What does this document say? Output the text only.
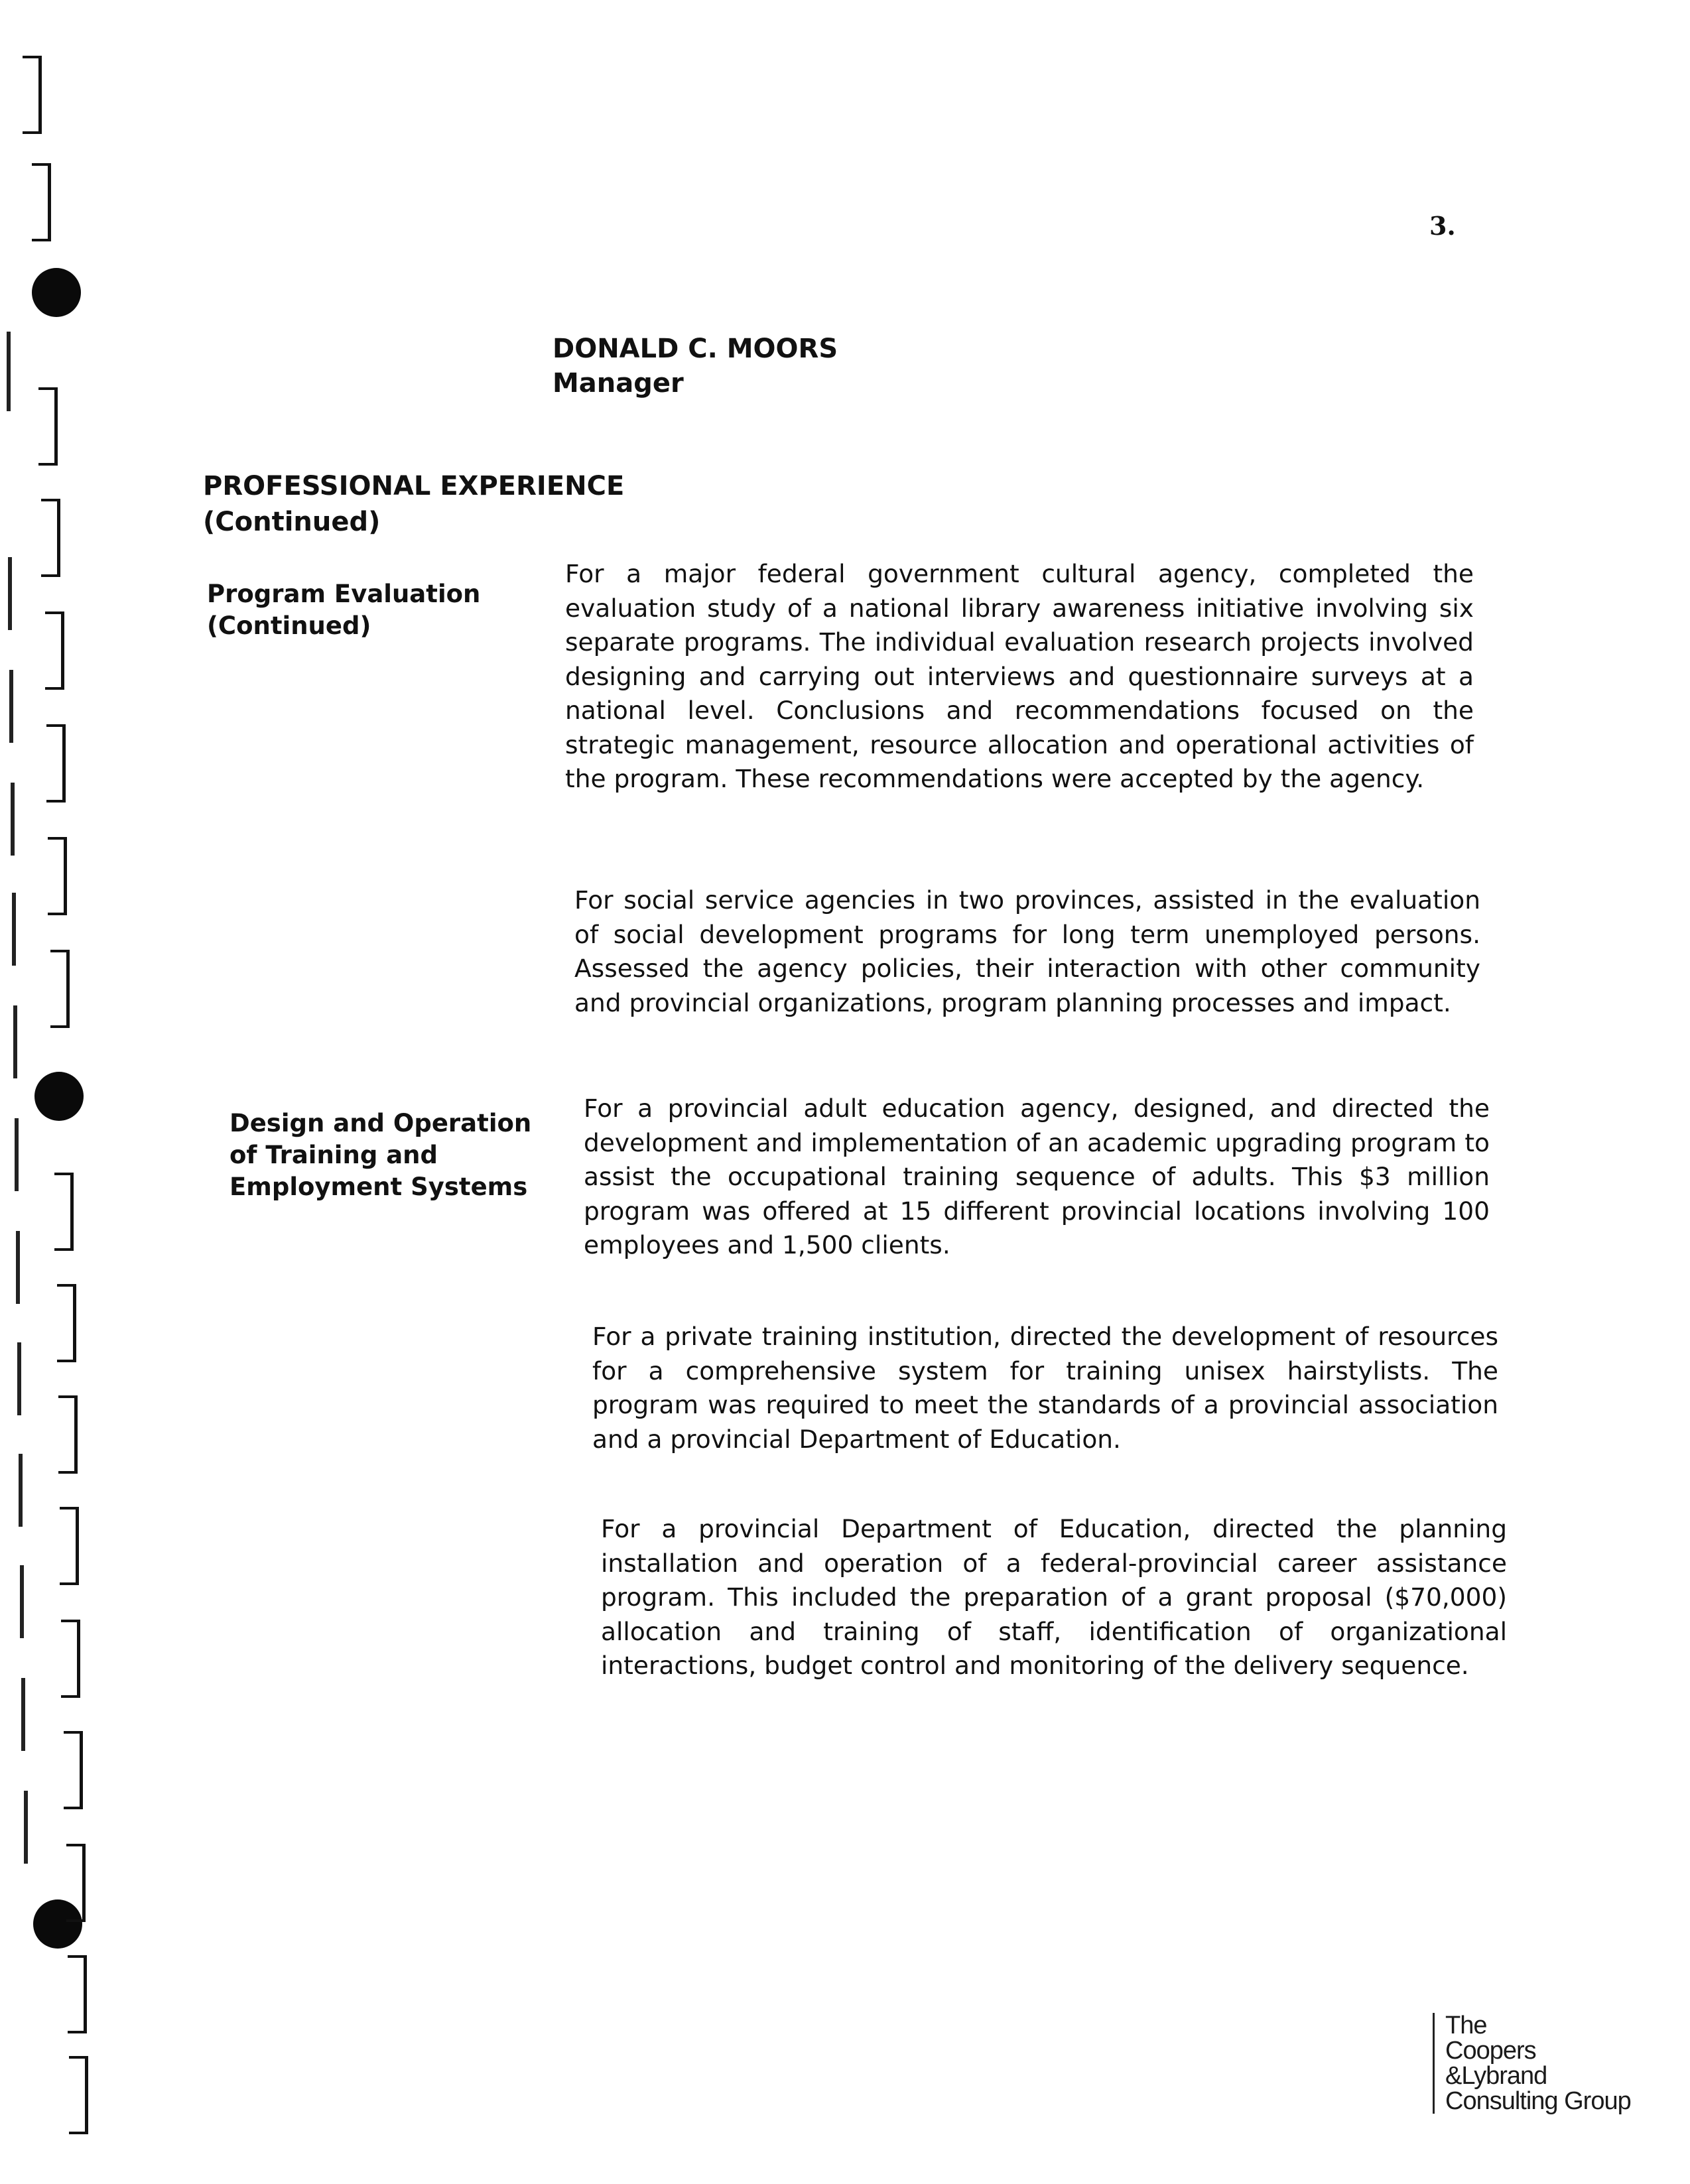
3.
DONALD C. MOORS
Manager
PROFESSIONAL EXPERIENCE
(Continued)
Program Evaluation
(Continued)

For a major federal government cultural agency, completed the evaluation study of a national library awareness initiative involving six separate programs. The individual evaluation research projects involved designing and carrying out interviews and questionnaire surveys at a national level. Conclusions and recommendations focused on the strategic management, resource allocation and operational activities of the program. These recommendations were accepted by the agency.

For social service agencies in two provinces, assisted in the evaluation of social development programs for long term unemployed persons. Assessed the agency policies, their interaction with other community and provincial organizations, program planning processes and impact.

Design and Operation
of Training and
Employment Systems

For a provincial adult education agency, designed, and directed the development and implementation of an academic upgrading program to assist the occupational training sequence of adults. This $3 million program was offered at 15 different provincial locations involving 100 employees and 1,500 clients.

For a private training institution, directed the development of resources for a comprehensive system for training unisex hairstylists. The program was required to meet the standards of a provincial association and a provincial Department of Education.

For a provincial Department of Education, directed the planning installation and operation of a federal-provincial career assistance program. This included the preparation of a grant proposal ($70,000) allocation and training of staff, identification of organizational interactions, budget control and monitoring of the delivery sequence.

The
Coopers
&Lybrand
Consulting Group
